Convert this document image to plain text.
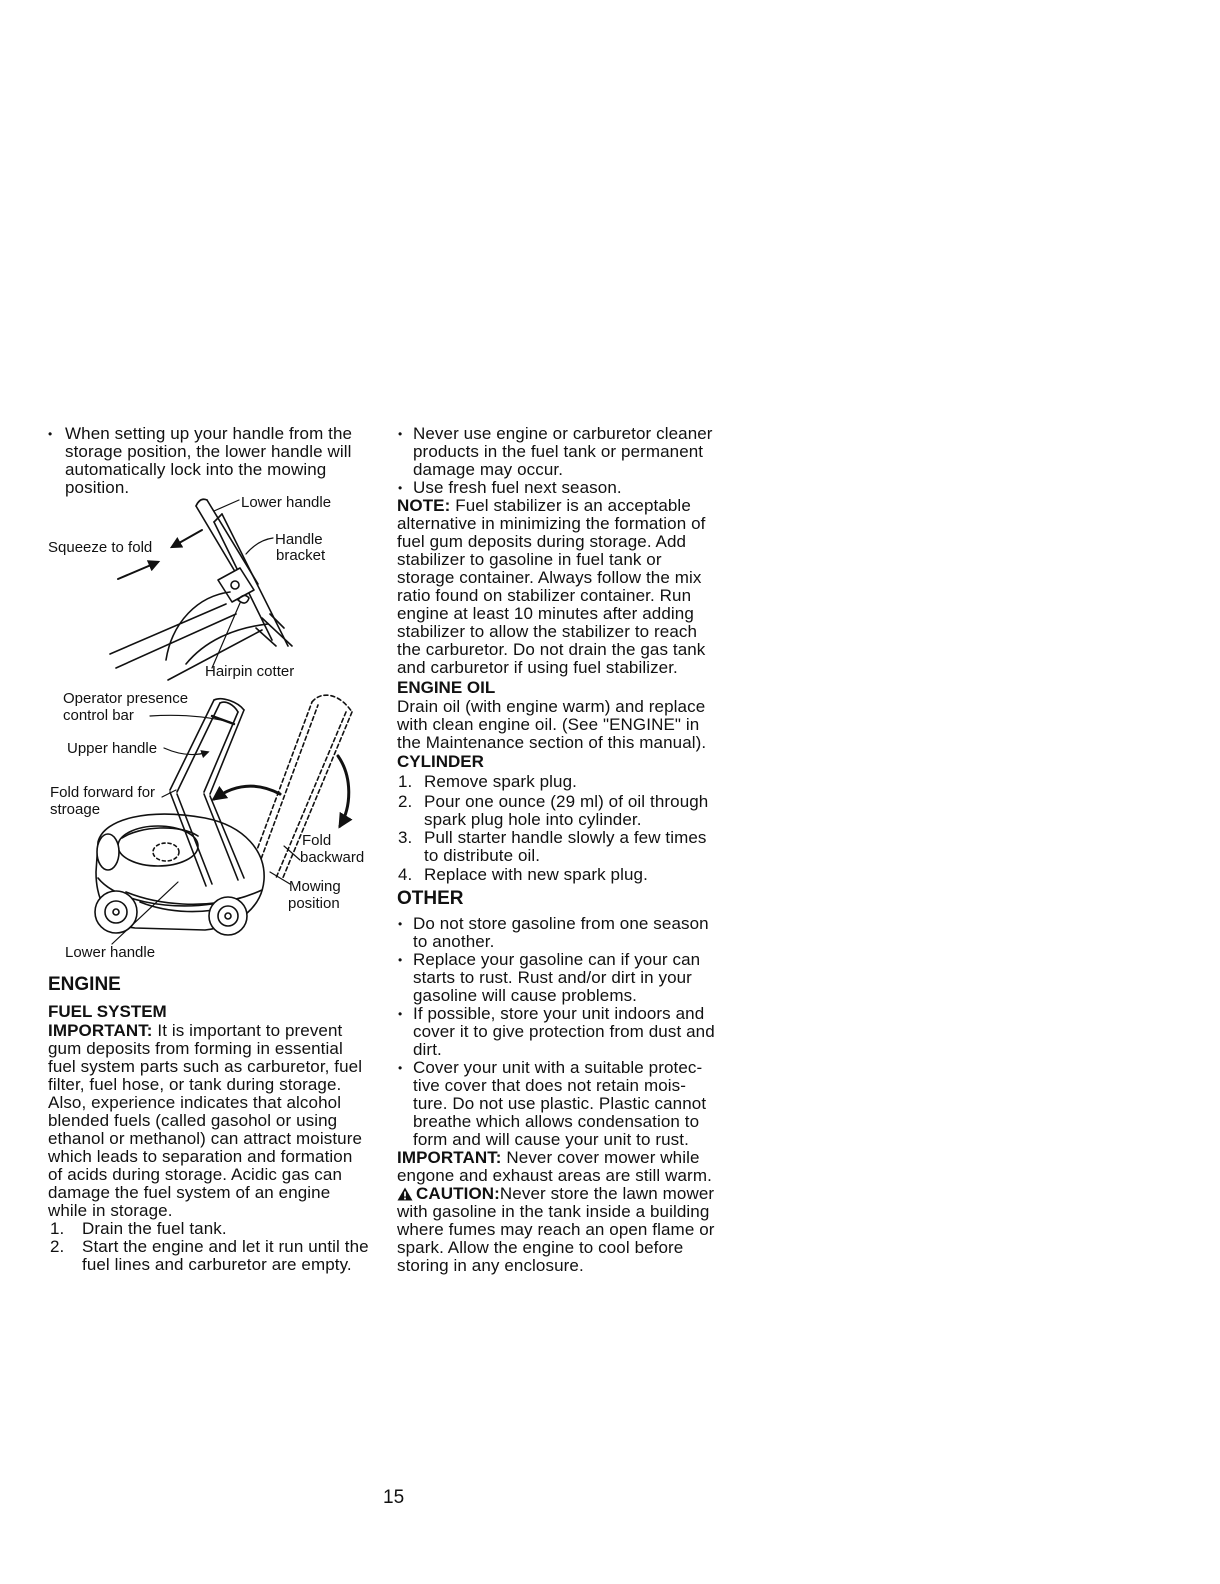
• When setting up your handle from the
storage position, the lower handle will
automatically lock into the mowing
position.
Lower handle
Handle
bracket
Squeeze to fold
Hairpin cotter
Operator presence
control bar
Upper handle
Fold forward for
stroage
Fold
backward
Mowing
position
Lower handle
ENGINE
FUEL SYSTEM
IMPORTANT: It is important to prevent
gum deposits from forming in essential
fuel system parts such as carburetor, fuel
filter, fuel hose, or tank during storage.
Also, experience indicates that alcohol
blended fuels (called gasohol or using
ethanol or methanol) can attract moisture
which leads to separation and formation
of acids during storage. Acidic gas can
damage the fuel system of an engine
while in storage.
1. Drain the fuel tank.
2. Start the engine and let it run until the
fuel lines and carburetor are empty.
• Never use engine or carburetor cleaner
products in the fuel tank or permanent
damage may occur.
• Use fresh fuel next season.
NOTE: Fuel stabilizer is an acceptable
alternative in minimizing the formation of
fuel gum deposits during storage. Add
stabilizer to gasoline in fuel tank or
storage container. Always follow the mix
ratio found on stabilizer container. Run
engine at least 10 minutes after adding
stabilizer to allow the stabilizer to reach
the carburetor. Do not drain the gas tank
and carburetor if using fuel stabilizer.
ENGINE OIL
Drain oil (with engine warm) and replace
with clean engine oil. (See "ENGINE" in
the Maintenance section of this manual).
CYLINDER
1. Remove spark plug.
2. Pour one ounce (29 ml) of oil through
spark plug hole into cylinder.
3. Pull starter handle slowly a few times
to distribute oil.
4. Replace with new spark plug.
OTHER
• Do not store gasoline from one season
to another.
• Replace your gasoline can if your can
starts to rust. Rust and/or dirt in your
gasoline will cause problems.
• If possible, store your unit indoors and
cover it to give protection from dust and
dirt.
• Cover your unit with a suitable protec-
tive cover that does not retain mois-
ture. Do not use plastic. Plastic cannot
breathe which allows condensation to
form and will cause your unit to rust.
IMPORTANT: Never cover mower while
engone and exhaust areas are still warm.
CAUTION:Never store the lawn mower
with gasoline in the tank inside a building
where fumes may reach an open flame or
spark. Allow the engine to cool before
storing in any enclosure.
15
